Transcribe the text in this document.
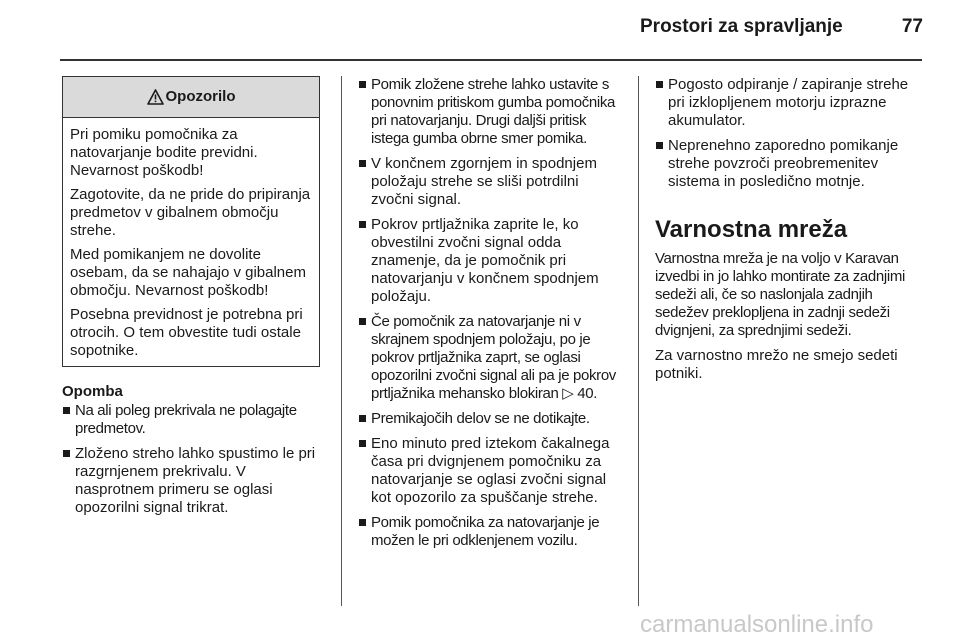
Prostori za spravljanje	77
Opozorilo

Pri pomiku pomočnika za natovarjanje bodite previdni. Nevarnost poškodb!

Zagotovite, da ne pride do pripiranja predmetov v gibalnem območju strehe.

Med pomikanjem ne dovolite osebam, da se nahajajo v gibalnem območju. Nevarnost poškodb!

Posebna previdnost je potrebna pri otrocih. O tem obvestite tudi ostale sopotnike.

Opomba
Na ali poleg prekrivala ne polagajte predmetov.
Zloženo streho lahko spustimo le pri razgrnjenem prekrivalu. V nasprotnem primeru se oglasi opozorilni signal trikrat.
Pomik zložene strehe lahko ustavite s ponovnim pritiskom gumba pomočnika pri natovarjanju. Drugi daljši pritisk istega gumba obrne smer pomika.
V končnem zgornjem in spodnjem položaju strehe se sliši potrdilni zvočni signal.
Pokrov prtljažnika zaprite le, ko obvestilni zvočni signal odda znamenje, da je pomočnik pri natovarjanju v končnem spodnjem položaju.
Če pomočnik za natovarjanje ni v skrajnem spodnjem položaju, po je pokrov prtljažnika zaprt, se oglasi opozorilni zvočni signal ali pa je pokrov prtljažnika mehansko blokiran ▷ 40.
Premikajočih delov se ne dotikajte.
Eno minuto pred iztekom čakalnega časa pri dvignjenem pomočniku za natovarjanje se oglasi zvočni signal kot opozorilo za spuščanje strehe.
Pomik pomočnika za natovarjanje je možen le pri odklenjenem vozilu.
Pogosto odpiranje / zapiranje strehe pri izklopljenem motorju izprazne akumulator.
Neprenehno zaporedno pomikanje strehe povzroči preobremenitev sistema in posledično motnje.
Varnostna mreža

Varnostna mreža je na voljo v Karavan izvedbi in jo lahko montirate za zadnjimi sedeži ali, če so naslonjala zadnjih sedežev preklopljena in zadnji sedeži dvignjeni, za sprednjimi sedeži.

Za varnostno mrežo ne smejo sedeti potniki.

carmanualsonline.info
